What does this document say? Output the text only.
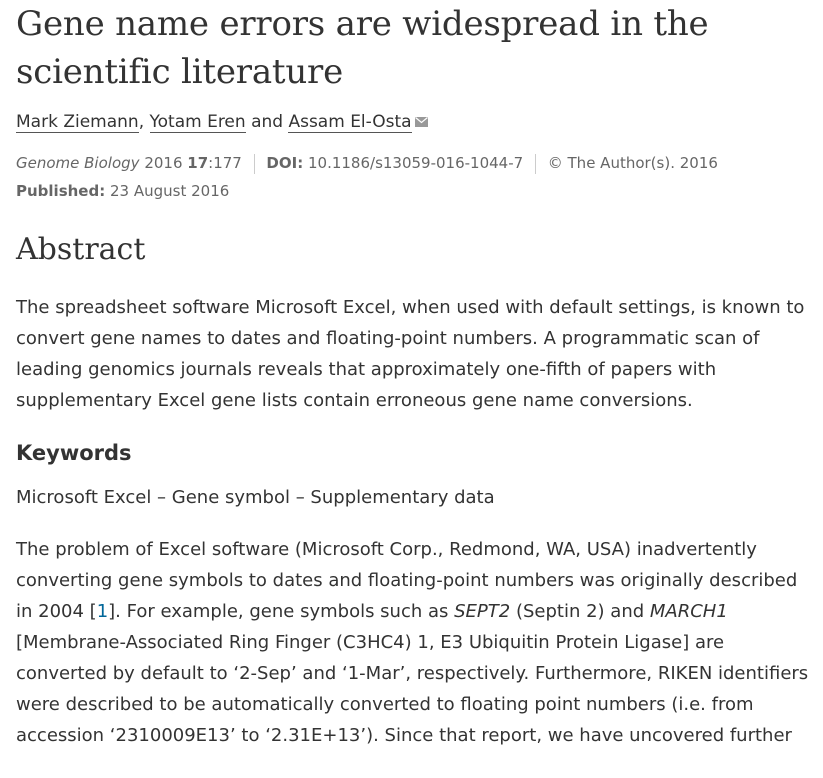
Gene name errors are widespread in the scientific literature
Mark Ziemann, Yotam Eren and Assam El-Osta
Genome Biology 2016 17:177 DOI: 10.1186/s13059-016-1044-7 © The Author(s). 2016
Published: 23 August 2016
Abstract

The spreadsheet software Microsoft Excel, when used with default settings, is known to convert gene names to dates and floating-point numbers. A programmatic scan of leading genomics journals reveals that approximately one-fifth of papers with supplementary Excel gene lists contain erroneous gene name conversions.

Keywords
Microsoft Excel – Gene symbol – Supplementary data

The problem of Excel software (Microsoft Corp., Redmond, WA, USA) inadvertently converting gene symbols to dates and floating-point numbers was originally described in 2004 [1]. For example, gene symbols such as SEPT2 (Septin 2) and MARCH1 [Membrane-Associated Ring Finger (C3HC4) 1, E3 Ubiquitin Protein Ligase] are converted by default to ‘2-Sep’ and ‘1-Mar’, respectively. Furthermore, RIKEN identifiers were described to be automatically converted to floating point numbers (i.e. from accession ‘2310009E13’ to ‘2.31E+13’). Since that report, we have uncovered further
